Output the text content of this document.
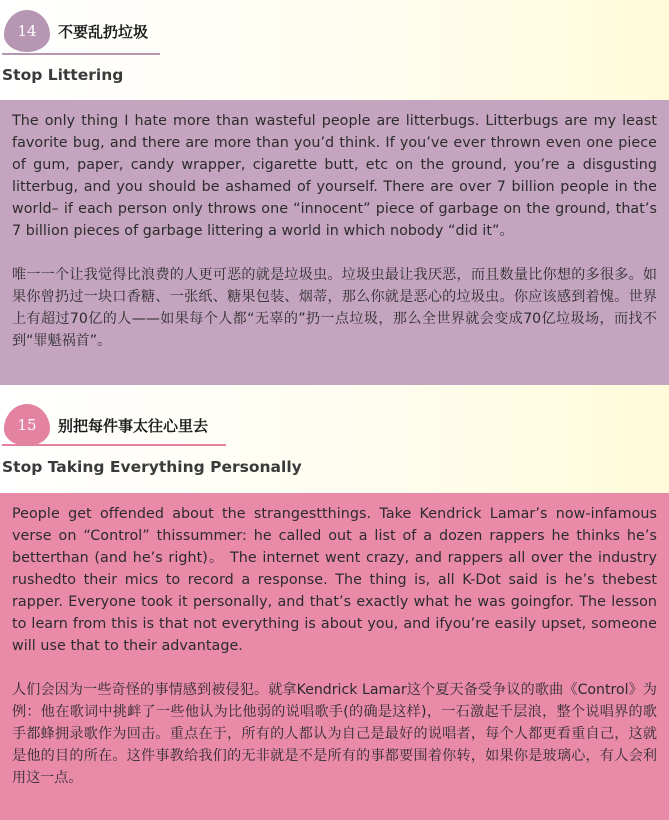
14	不要乱扔垃圾
Stop Littering

The only thing I hate more than wasteful people are litterbugs. Litterbugs are my least favorite bug, and there are more than you’d think. If you’ve ever thrown even one piece of gum, paper, candy wrapper, cigarette butt, etc on the ground, you’re a disgusting litterbug, and you should be ashamed of yourself. There are over 7 billion people in the world– if each person only throws one “innocent” piece of garbage on the ground, that’s 7 billion pieces of garbage littering a world in which nobody “did it”。

唯一一个让我觉得比浪费的人更可恶的就是垃圾虫。垃圾虫最让我厌恶，而且数量比你想的多很多。如果你曾扔过一块口香糖、一张纸、糖果包装、烟蒂，那么你就是恶心的垃圾虫。你应该感到着愧。世界上有超过70亿的人——如果每个人都“无辜的”扔一点垃圾，那么全世界就会变成70亿垃圾场，而找不到“罪魁祸首”。

15	别把每件事太往心里去
Stop Taking Everything Personally

People get offended about the strangestthings. Take Kendrick Lamar’s now-infamous verse on “Control” thissummer: he called out a list of a dozen rappers he thinks he’s betterthan (and he’s right)。 The internet went crazy, and rappers all over the industry rushedto their mics to record a response. The thing is, all K-Dot said is he’s thebest rapper. Everyone took it personally, and that’s exactly what he was goingfor. The lesson to learn from this is that not everything is about you, and ifyou’re easily upset, someone will use that to their advantage.

人们会因为一些奇怪的事情感到被侵犯。就拿Kendrick Lamar这个夏天备受争议的歌曲《Control》为例：他在歌词中挑衅了一些他认为比他弱的说唱歌手(的确是这样)，一石激起千层浪，整个说唱界的歌手都蜂拥录歌作为回击。重点在于，所有的人都认为自己是最好的说唱者，每个人都更看重自己，这就是他的目的所在。这件事教给我们的无非就是不是所有的事都要围着你转，如果你是玻璃心，有人会利用这一点。
